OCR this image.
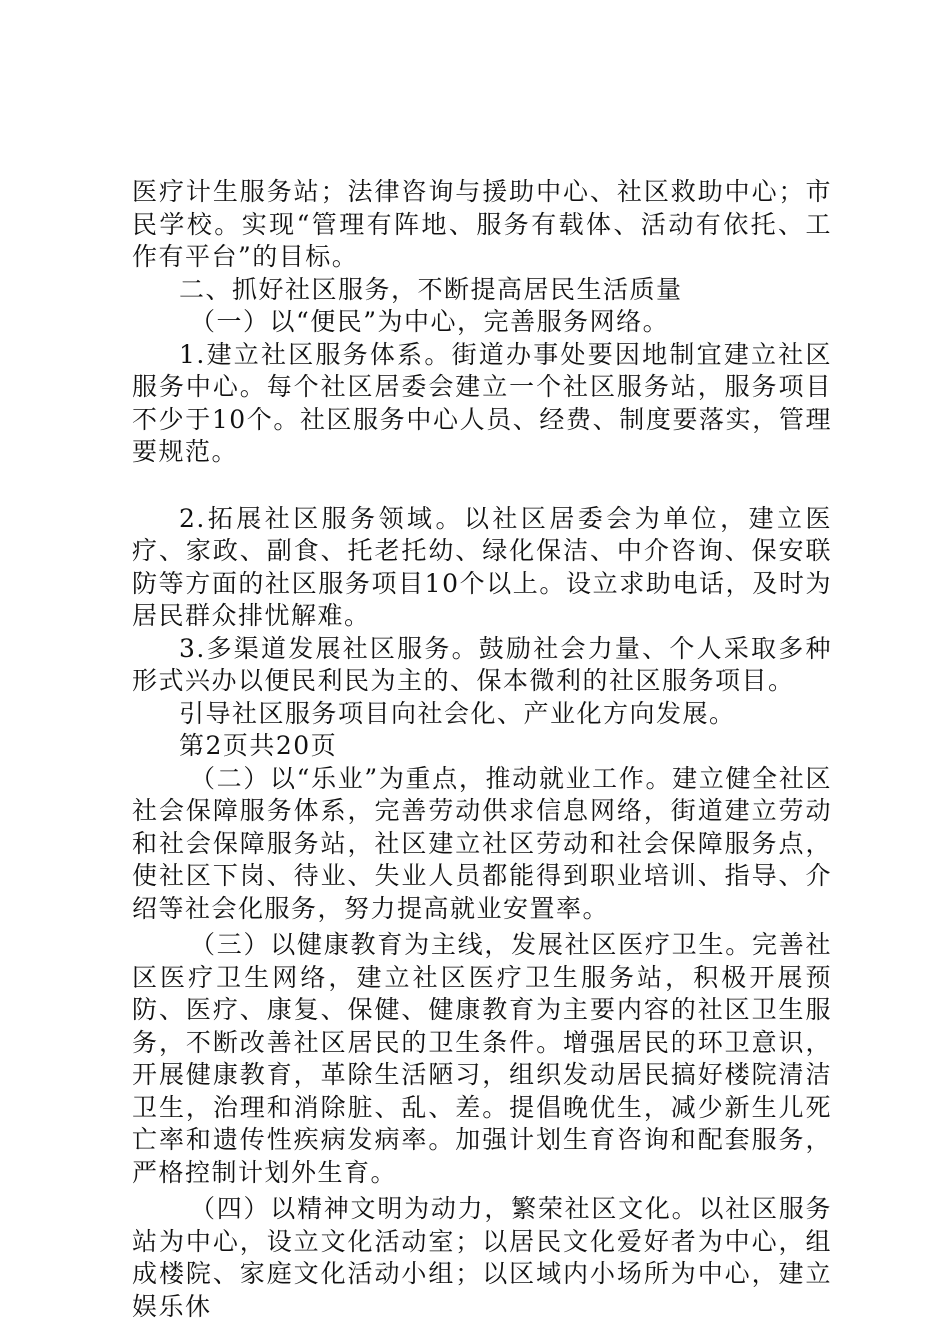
医疗计生服务站；法律咨询与援助中心、社区救助中心；市民学校。实现“管理有阵地、服务有载体、活动有依托、工作有平台”的目标。

二、抓好社区服务，不断提高居民生活质量

（一）以“便民”为中心，完善服务网络。

1.建立社区服务体系。街道办事处要因地制宜建立社区服务中心。每个社区居委会建立一个社区服务站，服务项目不少于10个。社区服务中心人员、经费、制度要落实，管理要规范。

2.拓展社区服务领域。以社区居委会为单位，建立医疗、家政、副食、托老托幼、绿化保洁、中介咨询、保安联防等方面的社区服务项目10个以上。设立求助电话，及时为居民群众排忧解难。

3.多渠道发展社区服务。鼓励社会力量、个人采取多种形式兴办以便民利民为主的、保本微利的社区服务项目。

引导社区服务项目向社会化、产业化方向发展。

第2页共20页

（二）以“乐业”为重点，推动就业工作。建立健全社区社会保障服务体系，完善劳动供求信息网络，街道建立劳动和社会保障服务站，社区建立社区劳动和社会保障服务点，使社区下岗、待业、失业人员都能得到职业培训、指导、介绍等社会化服务，努力提高就业安置率。

（三）以健康教育为主线，发展社区医疗卫生。完善社区医疗卫生网络，建立社区医疗卫生服务站，积极开展预防、医疗、康复、保健、健康教育为主要内容的社区卫生服务，不断改善社区居民的卫生条件。增强居民的环卫意识，开展健康教育，革除生活陋习，组织发动居民搞好楼院清洁卫生，治理和消除脏、乱、差。提倡晚优生，减少新生儿死亡率和遗传性疾病发病率。加强计划生育咨询和配套服务，严格控制计划外生育。

（四）以精神文明为动力，繁荣社区文化。以社区服务站为中心，设立文化活动室；以居民文化爱好者为中心，组成楼院、家庭文化活动小组；以区域内小场所为中心，建立娱乐休
